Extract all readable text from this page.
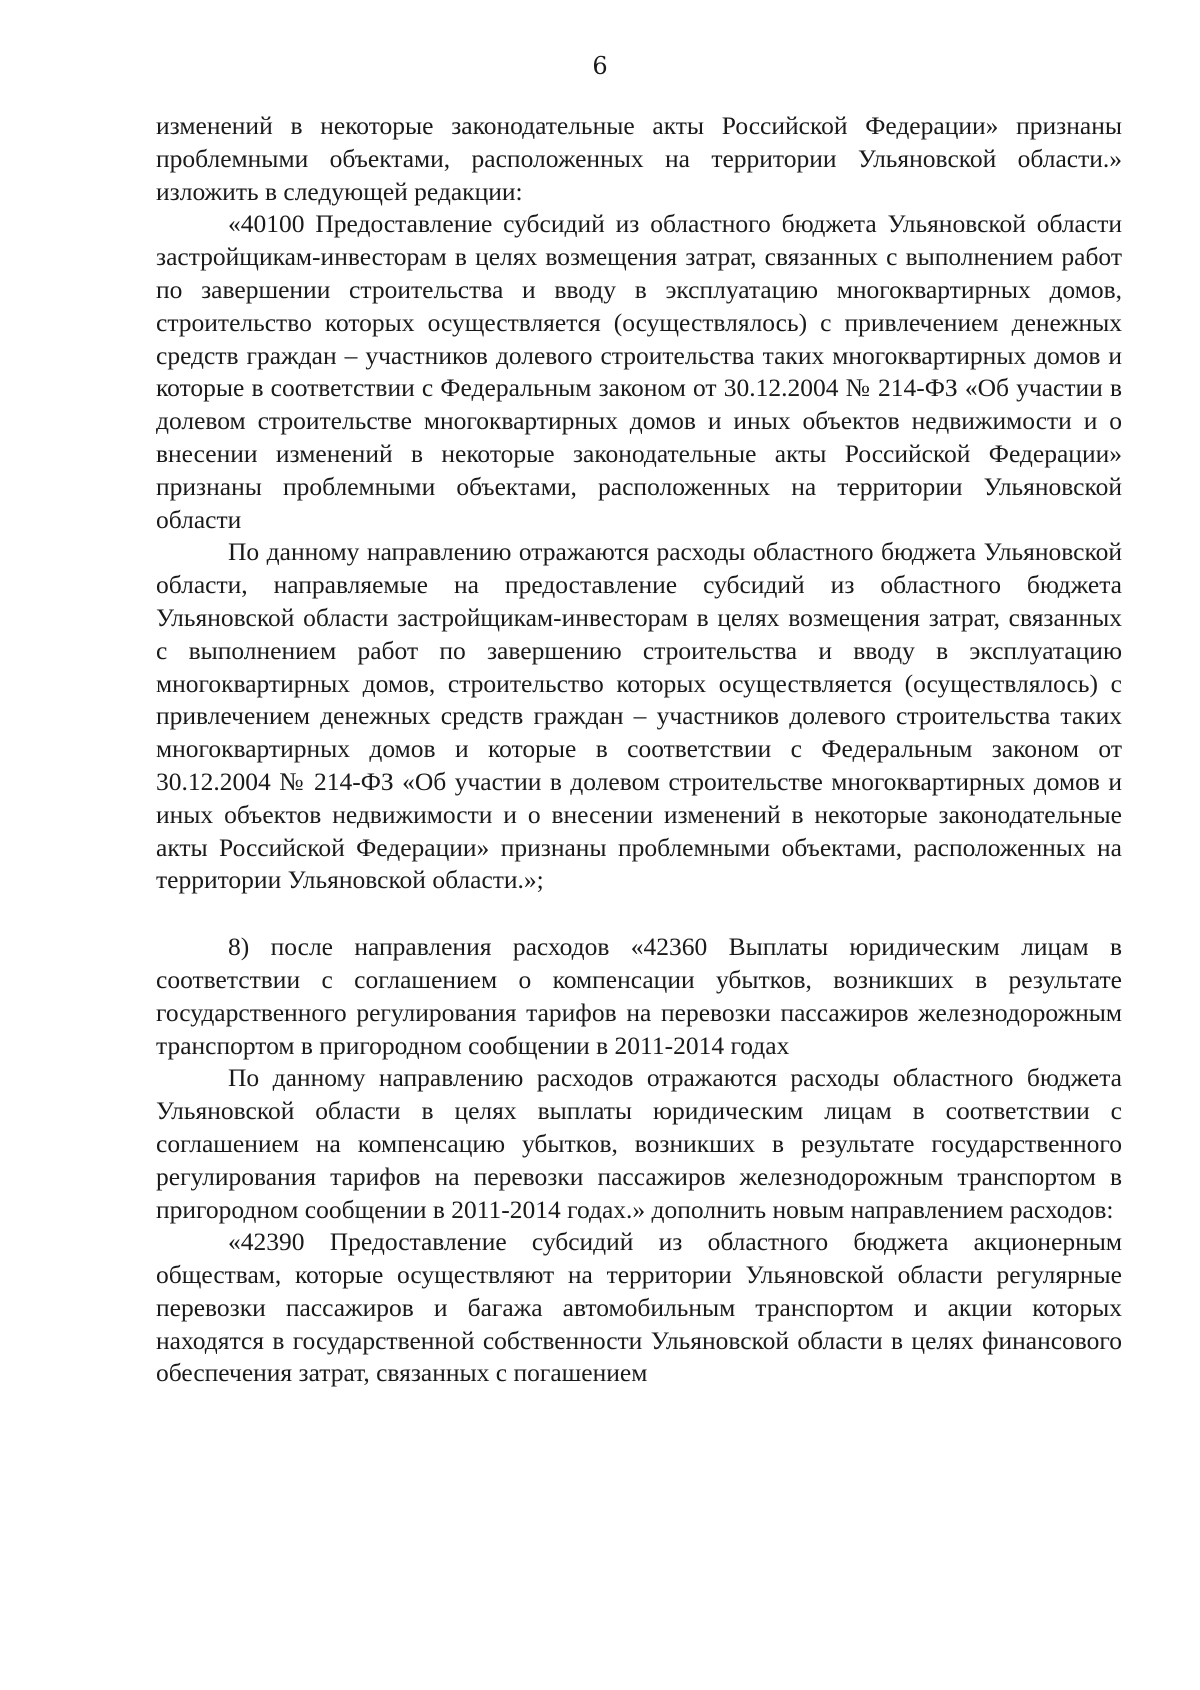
6

изменений в некоторые законодательные акты Российской Федерации» признаны проблемными объектами, расположенных на территории Ульяновской области.» изложить в следующей редакции:

«40100 Предоставление субсидий из областного бюджета Ульяновской области застройщикам-инвесторам в целях возмещения затрат, связанных с выполнением работ по завершении строительства и вводу в эксплуатацию многоквартирных домов, строительство которых осуществляется (осуществлялось) с привлечением денежных средств граждан – участников долевого строительства таких многоквартирных домов и которые в соответствии с Федеральным законом от 30.12.2004 № 214-ФЗ «Об участии в долевом строительстве многоквартирных домов и иных объектов недвижимости и о внесении изменений в некоторые законодательные акты Российской Федерации» признаны проблемными объектами, расположенных на территории Ульяновской области

По данному направлению отражаются расходы областного бюджета Ульяновской области, направляемые на предоставление субсидий из областного бюджета Ульяновской области застройщикам-инвесторам в целях возмещения затрат, связанных с выполнением работ по завершению строительства и вводу в эксплуатацию многоквартирных домов, строительство которых осуществляется (осуществлялось) с привлечением денежных средств граждан – участников долевого строительства таких многоквартирных домов и которые в соответствии с Федеральным законом от 30.12.2004 № 214-ФЗ «Об участии в долевом строительстве многоквартирных домов и иных объектов недвижимости и о внесении изменений в некоторые законодательные акты Российской Федерации» признаны проблемными объектами, расположенных на территории Ульяновской области.»;

8) после направления расходов «42360 Выплаты юридическим лицам в соответствии с соглашением о компенсации убытков, возникших в результате государственного регулирования тарифов на перевозки пассажиров железнодорожным транспортом в пригородном сообщении в 2011-2014 годах

По данному направлению расходов отражаются расходы областного бюджета Ульяновской области в целях выплаты юридическим лицам в соответствии с соглашением на компенсацию убытков, возникших в результате государственного регулирования тарифов на перевозки пассажиров железнодорожным транспортом в пригородном сообщении в 2011-2014 годах.» дополнить новым направлением расходов:

«42390 Предоставление субсидий из областного бюджета акционерным обществам, которые осуществляют на территории Ульяновской области регулярные перевозки пассажиров и багажа автомобильным транспортом и акции которых находятся в государственной собственности Ульяновской области в целях финансового обеспечения затрат, связанных с погашением
